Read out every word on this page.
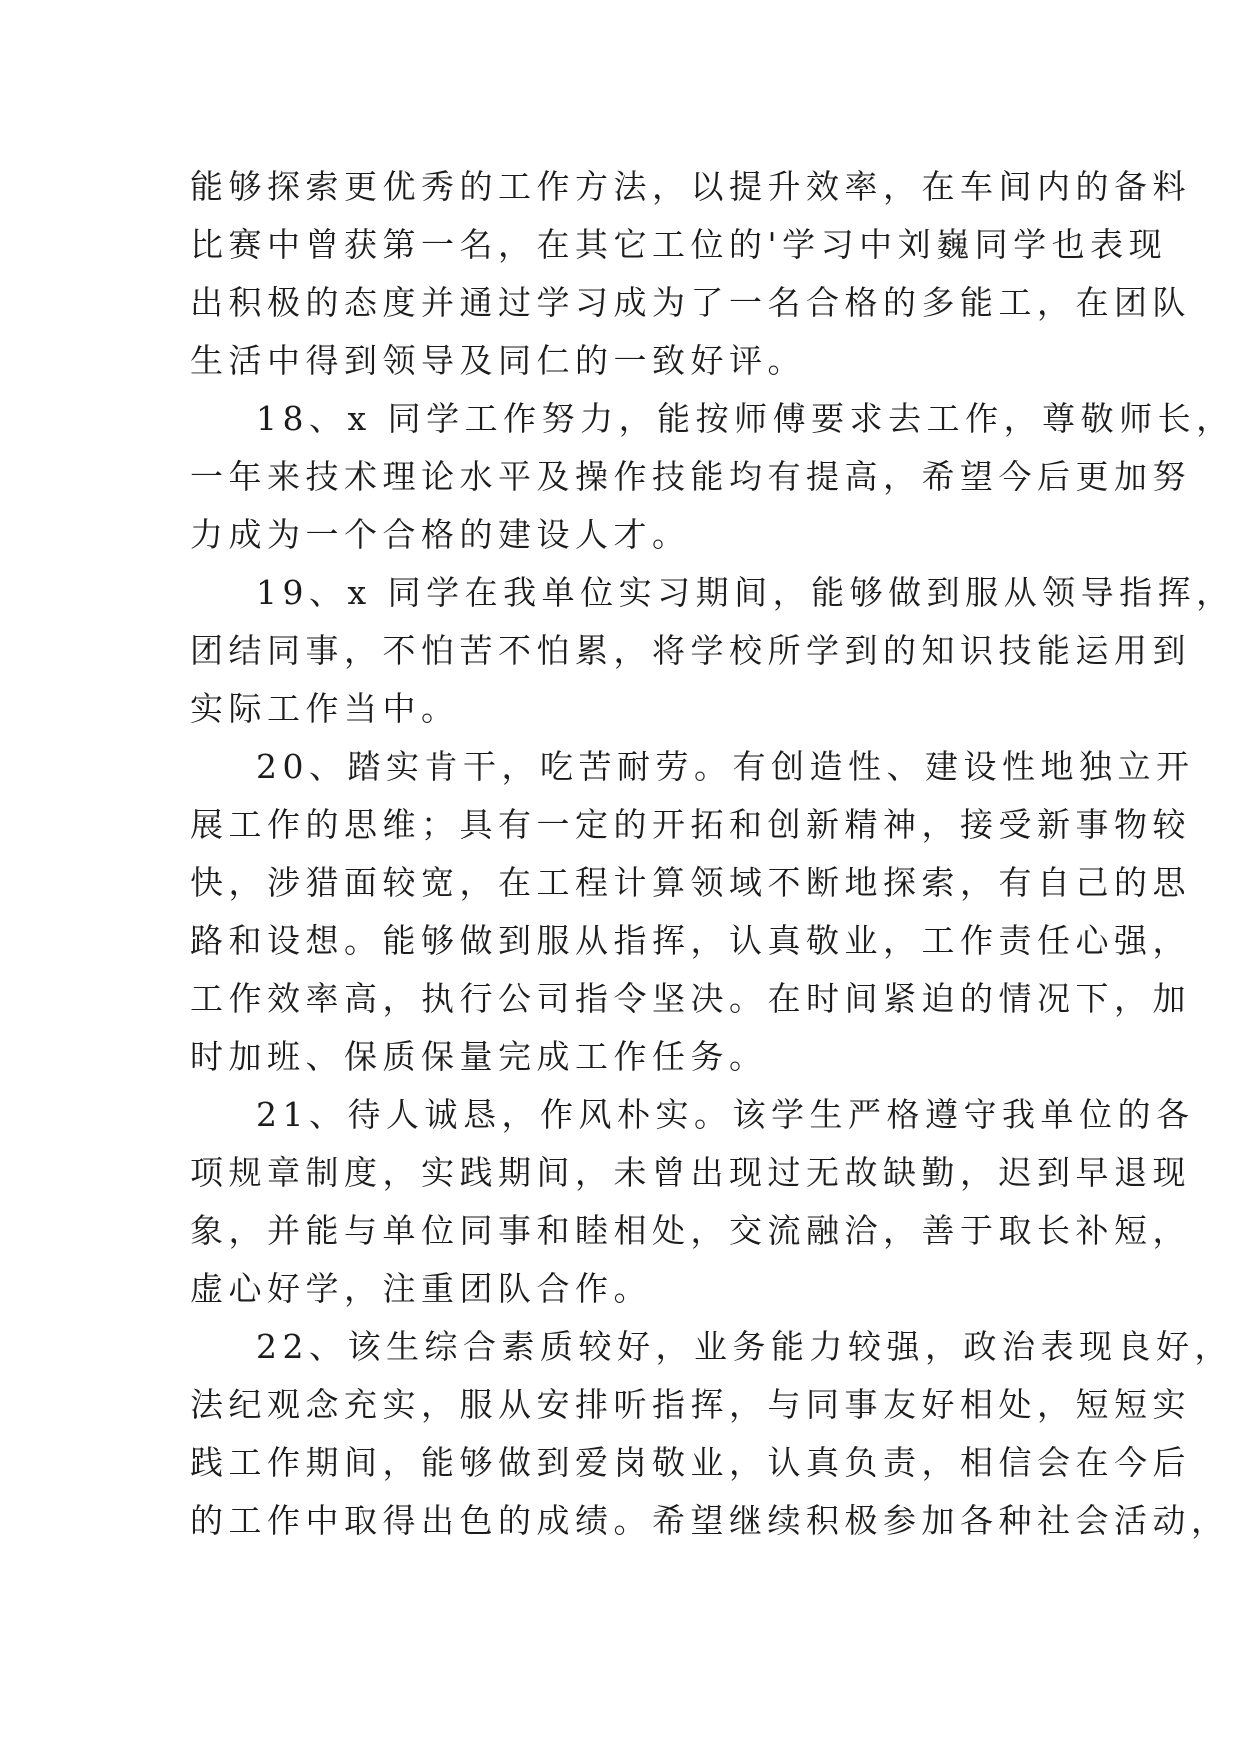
能够探索更优秀的工作方法，以提升效率，在车间内的备料
比赛中曾获第一名，在其它工位的'学习中刘巍同学也表现
出积极的态度并通过学习成为了一名合格的多能工，在团队
生活中得到领导及同仁的一致好评。
18、x 同学工作努力，能按师傅要求去工作，尊敬师长，
一年来技术理论水平及操作技能均有提高，希望今后更加努
力成为一个合格的建设人才。
19、x 同学在我单位实习期间，能够做到服从领导指挥，
团结同事，不怕苦不怕累，将学校所学到的知识技能运用到
实际工作当中。
20、踏实肯干，吃苦耐劳。有创造性、建设性地独立开
展工作的思维；具有一定的开拓和创新精神，接受新事物较
快，涉猎面较宽，在工程计算领域不断地探索，有自己的思
路和设想。能够做到服从指挥，认真敬业，工作责任心强，
工作效率高，执行公司指令坚决。在时间紧迫的情况下，加
时加班、保质保量完成工作任务。
21、待人诚恳，作风朴实。该学生严格遵守我单位的各
项规章制度，实践期间，未曾出现过无故缺勤，迟到早退现
象，并能与单位同事和睦相处，交流融洽，善于取长补短，
虚心好学，注重团队合作。
22、该生综合素质较好，业务能力较强，政治表现良好，
法纪观念充实，服从安排听指挥，与同事友好相处，短短实
践工作期间，能够做到爱岗敬业，认真负责，相信会在今后
的工作中取得出色的成绩。希望继续积极参加各种社会活动，
